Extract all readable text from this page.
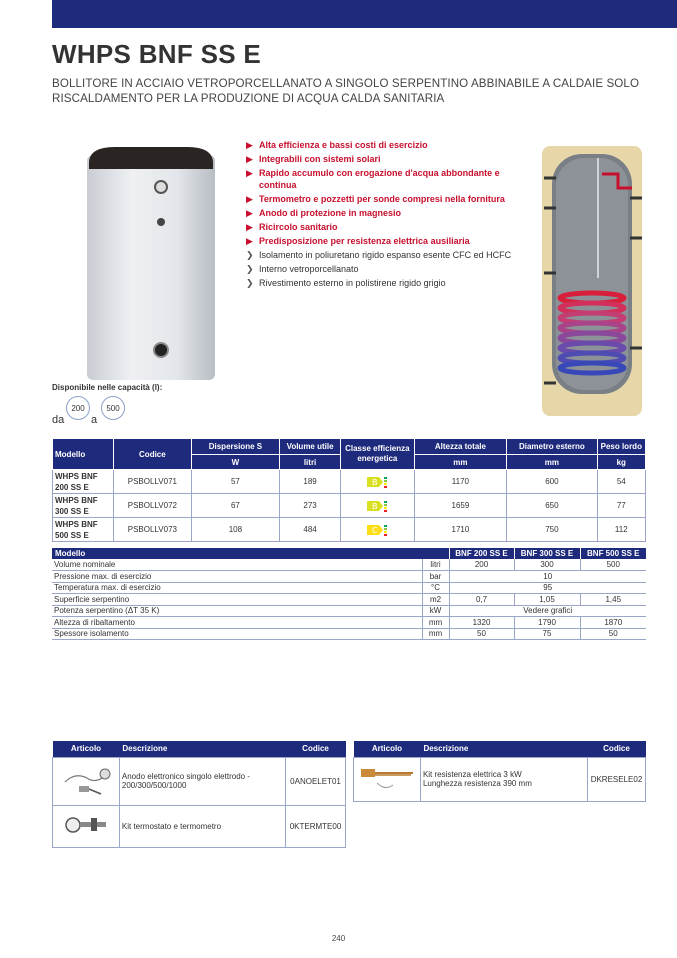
WHPS BNF SS E
BOLLITORE IN ACCIAIO VETROPORCELLANATO A SINGOLO SERPENTINO ABBINABILE A CALDAIE SOLO RISCALDAMENTO PER LA PRODUZIONE DI ACQUA CALDA SANITARIA
▶ Alta efficienza e bassi costi di esercizio
▶ Integrabili con sistemi solari
▶ Rapido accumulo con erogazione d'acqua abbondante e continua
▶ Termometro e pozzetti per sonde compresi nella fornitura
▶ Anodo di protezione in magnesio
▶ Ricircolo sanitario
▶ Predisposizione per resistenza elettrica ausiliaria
❯ Isolamento in poliuretano rigido espanso esente CFC ed HCFC
❯ Interno vetroporcellanato
❯ Rivestimento esterno in polistirene rigido grigio
Disponibile nelle capacità (l):
da
200
a
500
Modello	Codice	Dispersione S	Volume utile	Classe efficienza energetica	Altezza totale	Diametro esterno	Peso lordo
		W	litri		mm	mm	kg
WHPS BNF 200 SS E	PSBOLLV071	57	189	B	1170	600	54
WHPS BNF 300 SS E	PSBOLLV072	67	273	B	1659	650	77
WHPS BNF 500 SS E	PSBOLLV073	108	484	C	1710	750	112
Modello		BNF 200 SS E	BNF 300 SS E	BNF 500 SS E
Volume nominale	litri	200	300	500
Pressione max. di esercizio	bar	10		
Temperatura max. di esercizio	°C	95		
Superficie serpentino	m2	0,7	1,05	1,45
Potenza serpentino (ΔT 35 K)	kW	Vedere grafici		
Altezza di ribaltamento	mm	1320	1790	1870
Spessore isolamento	mm	50	75	50
Articolo	Descrizione	Codice
	Anodo elettronico singolo elettrodo - 200/300/500/1000	0ANOELET01
	Kit termostato e termometro	0KTERMTE00
Articolo	Descrizione	Codice

Kit resistenza elettrica 3 kW
Lunghezza resistenza 390 mm	DKRESELE02
240
